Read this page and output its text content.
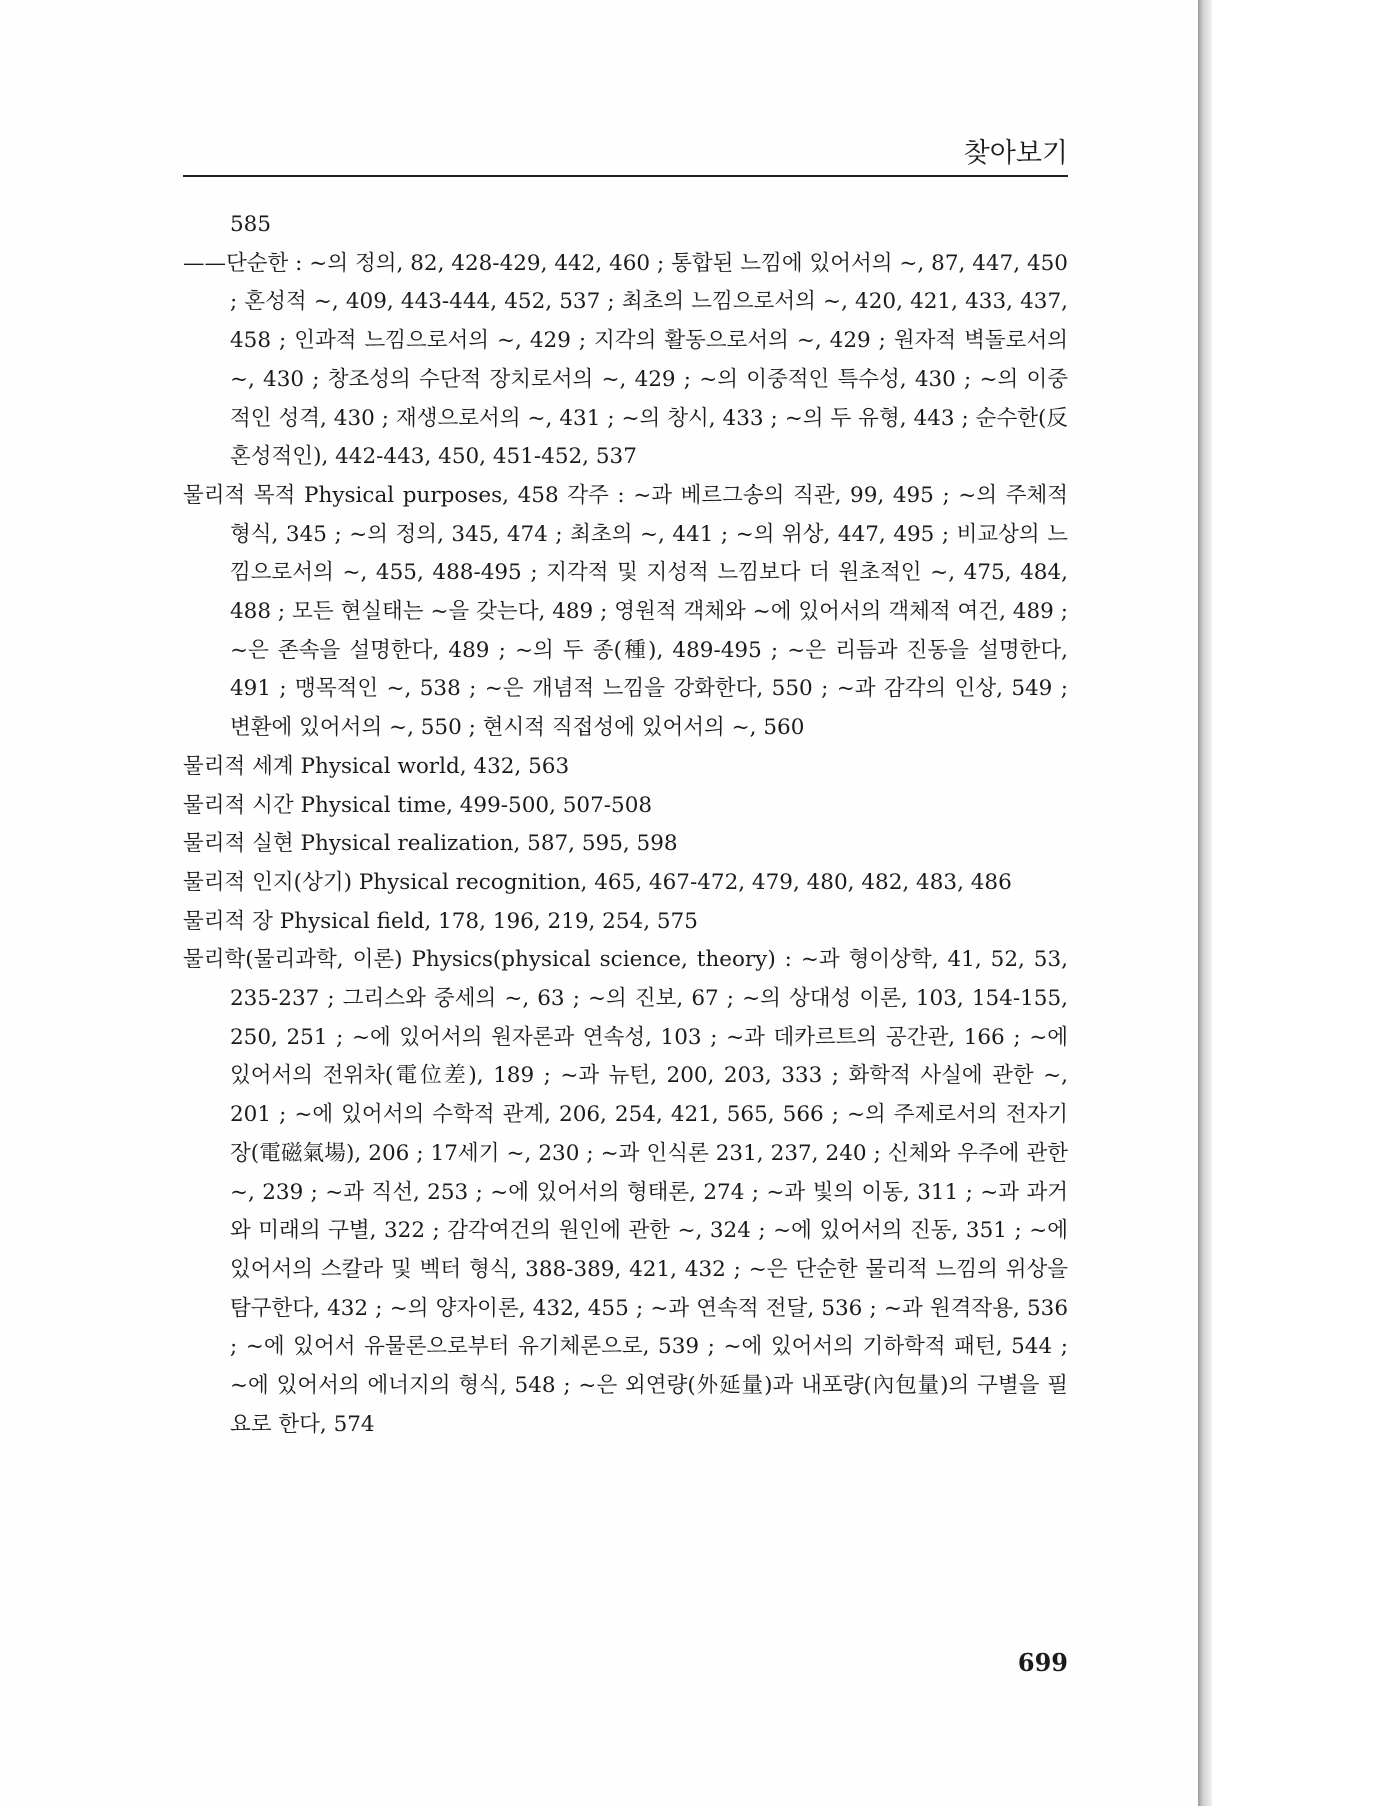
찾아보기

585

——단순한 : ~의 정의, 82, 428-429, 442, 460 ; 통합된 느낌에 있어서의 ~, 87, 447, 450 ; 혼성적 ~, 409, 443-444, 452, 537 ; 최초의 느낌으로서의 ~, 420, 421, 433, 437, 458 ; 인과적 느낌으로서의 ~, 429 ; 지각의 활동으로서의 ~, 429 ; 원자적 벽돌로서의 ~, 430 ; 창조성의 수단적 장치로서의 ~, 429 ; ~의 이중적인 특수성, 430 ; ~의 이중적인 성격, 430 ; 재생으로서의 ~, 431 ; ~의 창시, 433 ; ~의 두 유형, 443 ; 순수한(反 혼성적인), 442-443, 450, 451-452, 537

물리적 목적 Physical purposes, 458 각주 : ~과 베르그송의 직관, 99, 495 ; ~의 주체적 형식, 345 ; ~의 정의, 345, 474 ; 최초의 ~, 441 ; ~의 위상, 447, 495 ; 비교상의 느낌으로서의 ~, 455, 488-495 ; 지각적 및 지성적 느낌보다 더 원초적인 ~, 475, 484, 488 ; 모든 현실태는 ~을 갖는다, 489 ; 영원적 객체와 ~에 있어서의 객체적 여건, 489 ; ~은 존속을 설명한다, 489 ; ~의 두 종(種), 489-495 ; ~은 리듬과 진동을 설명한다, 491 ; 맹목적인 ~, 538 ; ~은 개념적 느낌을 강화한다, 550 ; ~과 감각의 인상, 549 ; 변환에 있어서의 ~, 550 ; 현시적 직접성에 있어서의 ~, 560

물리적 세계 Physical world, 432, 563

물리적 시간 Physical time, 499-500, 507-508

물리적 실현 Physical realization, 587, 595, 598

물리적 인지(상기) Physical recognition, 465, 467-472, 479, 480, 482, 483, 486

물리적 장 Physical field, 178, 196, 219, 254, 575

물리학(물리과학, 이론) Physics(physical science, theory) : ~과 형이상학, 41, 52, 53, 235-237 ; 그리스와 중세의 ~, 63 ; ~의 진보, 67 ; ~의 상대성 이론, 103, 154-155, 250, 251 ; ~에 있어서의 원자론과 연속성, 103 ; ~과 데카르트의 공간관, 166 ; ~에 있어서의 전위차(電位差), 189 ; ~과 뉴턴, 200, 203, 333 ; 화학적 사실에 관한 ~, 201 ; ~에 있어서의 수학적 관계, 206, 254, 421, 565, 566 ; ~의 주제로서의 전자기장(電磁氣場), 206 ; 17세기 ~, 230 ; ~과 인식론 231, 237, 240 ; 신체와 우주에 관한 ~, 239 ; ~과 직선, 253 ; ~에 있어서의 형태론, 274 ; ~과 빛의 이동, 311 ; ~과 과거와 미래의 구별, 322 ; 감각여건의 원인에 관한 ~, 324 ; ~에 있어서의 진동, 351 ; ~에 있어서의 스칼라 및 벡터 형식, 388-389, 421, 432 ; ~은 단순한 물리적 느낌의 위상을 탐구한다, 432 ; ~의 양자이론, 432, 455 ; ~과 연속적 전달, 536 ; ~과 원격작용, 536 ; ~에 있어서 유물론으로부터 유기체론으로, 539 ; ~에 있어서의 기하학적 패턴, 544 ; ~에 있어서의 에너지의 형식, 548 ; ~은 외연량(外延量)과 내포량(內包量)의 구별을 필요로 한다, 574

699
